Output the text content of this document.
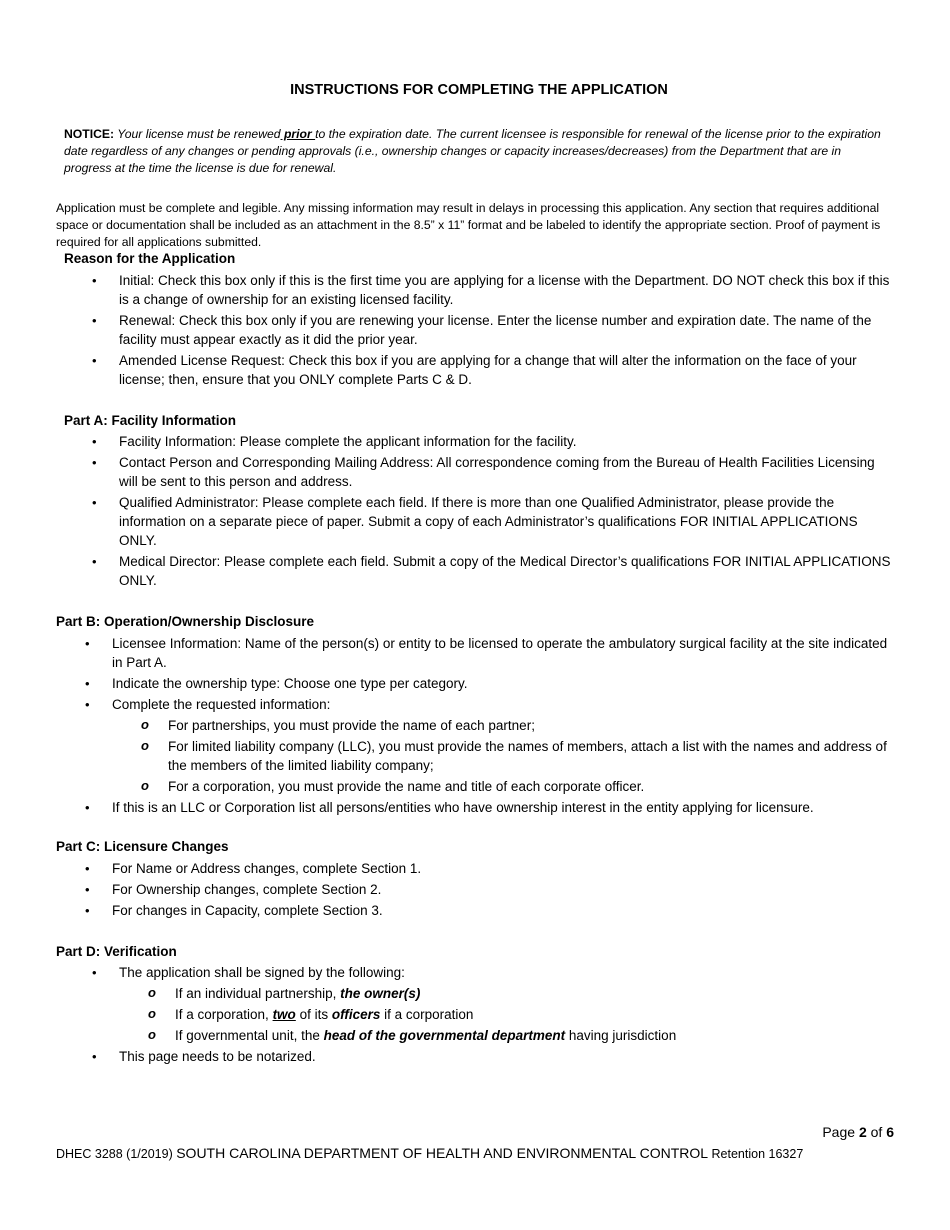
INSTRUCTIONS FOR COMPLETING THE APPLICATION
NOTICE: Your license must be renewed prior to the expiration date. The current licensee is responsible for renewal of the license prior to the expiration date regardless of any changes or pending approvals (i.e., ownership changes or capacity increases/decreases) from the Department that are in progress at the time the license is due for renewal.
Application must be complete and legible. Any missing information may result in delays in processing this application. Any section that requires additional space or documentation shall be included as an attachment in the 8.5” x 11” format and be labeled to identify the appropriate section. Proof of payment is required for all applications submitted.
Reason for the Application
• Initial: Check this box only if this is the first time you are applying for a license with the Department. DO NOT check this box if this is a change of ownership for an existing licensed facility.
• Renewal: Check this box only if you are renewing your license. Enter the license number and expiration date. The name of the facility must appear exactly as it did the prior year.
• Amended License Request: Check this box if you are applying for a change that will alter the information on the face of your license; then, ensure that you ONLY complete Parts C & D.
Part A: Facility Information
• Facility Information: Please complete the applicant information for the facility.
• Contact Person and Corresponding Mailing Address: All correspondence coming from the Bureau of Health Facilities Licensing will be sent to this person and address.
• Qualified Administrator: Please complete each field. If there is more than one Qualified Administrator, please provide the information on a separate piece of paper. Submit a copy of each Administrator’s qualifications FOR INITIAL APPLICATIONS ONLY.
• Medical Director: Please complete each field. Submit a copy of the Medical Director’s qualifications FOR INITIAL APPLICATIONS ONLY.
Part B: Operation/Ownership Disclosure
• Licensee Information: Name of the person(s) or entity to be licensed to operate the ambulatory surgical facility at the site indicated in Part A.
• Indicate the ownership type: Choose one type per category.
• Complete the requested information:
o For partnerships, you must provide the name of each partner;
o For limited liability company (LLC), you must provide the names of members, attach a list with the names and address of the members of the limited liability company;
o For a corporation, you must provide the name and title of each corporate officer.
• If this is an LLC or Corporation list all persons/entities who have ownership interest in the entity applying for licensure.
Part C: Licensure Changes
• For Name or Address changes, complete Section 1.
• For Ownership changes, complete Section 2.
• For changes in Capacity, complete Section 3.
Part D: Verification
• The application shall be signed by the following:
o If an individual partnership, the owner(s)
o If a corporation, two of its officers if a corporation
o If governmental unit, the head of the governmental department having jurisdiction
• This page needs to be notarized.
Page 2 of 6
DHEC 3288 (1/2019) SOUTH CAROLINA DEPARTMENT OF HEALTH AND ENVIRONMENTAL CONTROL Retention 16327
